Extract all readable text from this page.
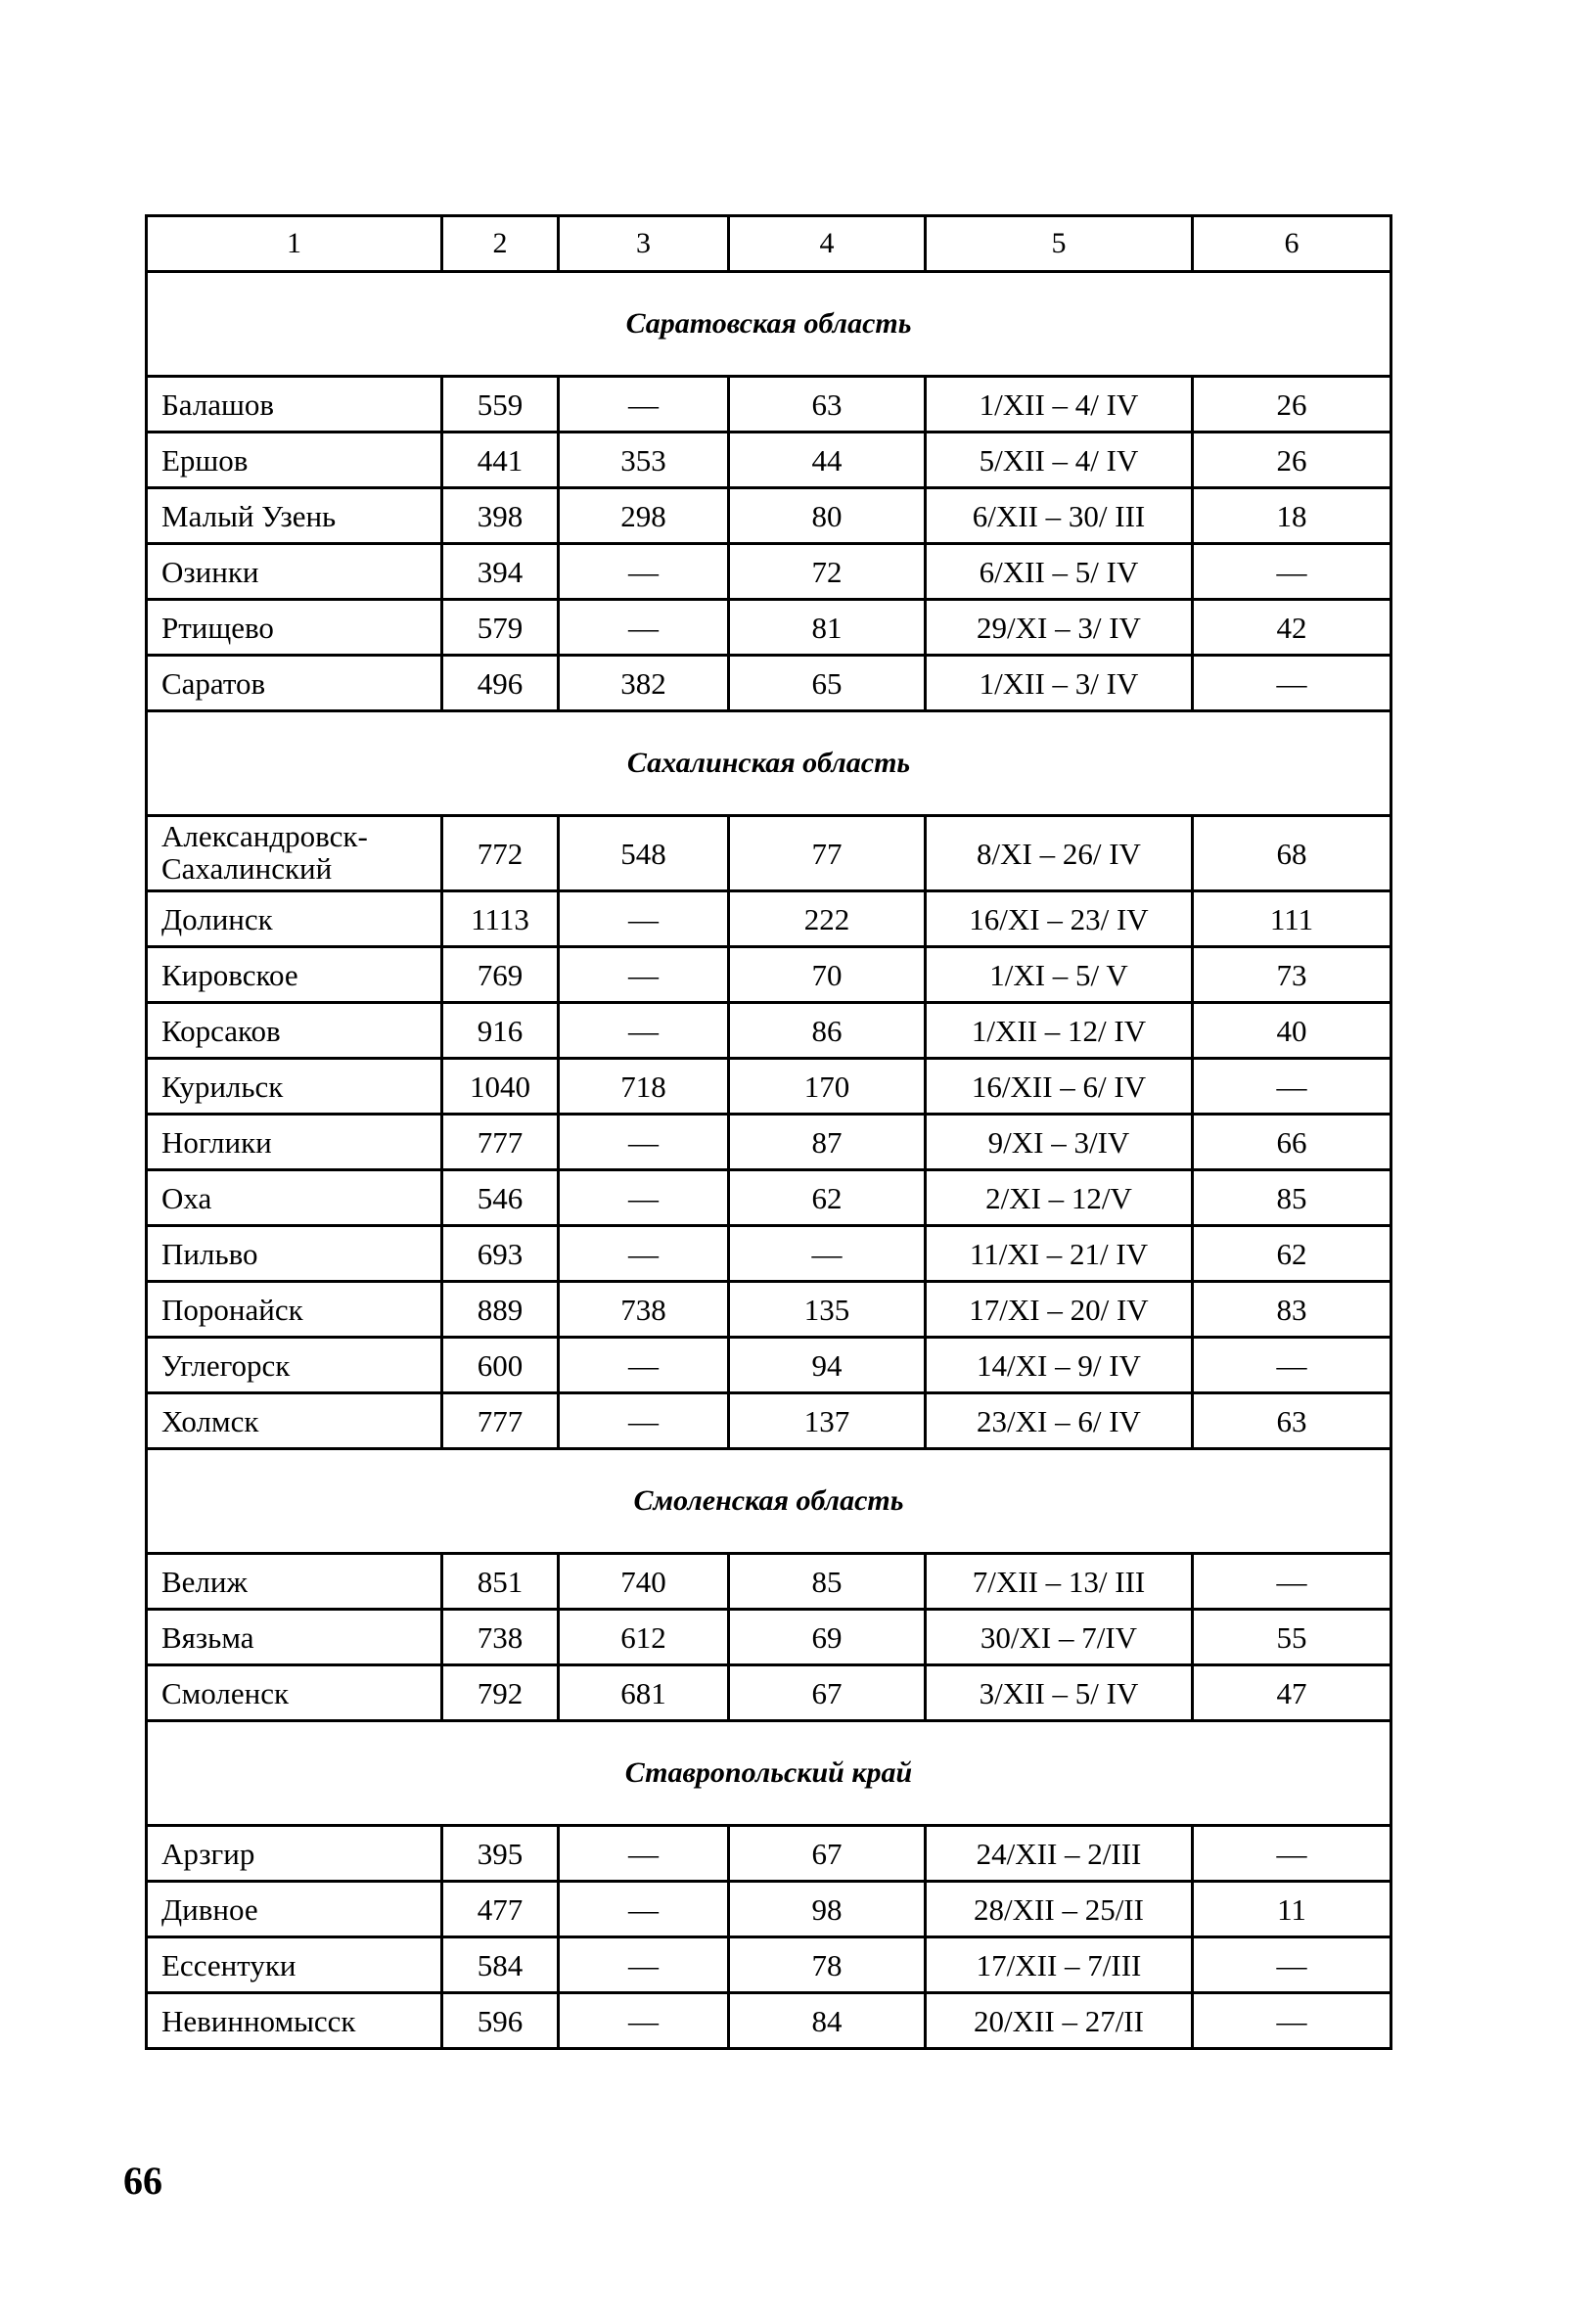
1	2	3	4	5	6
Саратовская область					
Балашов	559	—	63	1/XII – 4/ IV	26
Ершов	441	353	44	5/XII – 4/ IV	26
Малый Узень	398	298	80	6/XII – 30/ III	18
Озинки	394	—	72	6/XII – 5/ IV	—
Ртищево	579	—	81	29/XI – 3/ IV	42
Саратов	496	382	65	1/XII – 3/ IV	—
Сахалинская область					
Александровск-Сахалинский	772	548	77	8/XI – 26/ IV	68
Долинск	1113	—	222	16/XI – 23/ IV	111
Кировское	769	—	70	1/XI – 5/ V	73
Корсаков	916	—	86	1/XII – 12/ IV	40
Курильск	1040	718	170	16/XII – 6/ IV	—
Ноглики	777	—	87	9/XI – 3/IV	66
Оха	546	—	62	2/XI – 12/V	85
Пильво	693	—	—	11/XI – 21/ IV	62
Поронайск	889	738	135	17/XI – 20/ IV	83
Углегорск	600	—	94	14/XI – 9/ IV	—
Холмск	777	—	137	23/XI – 6/ IV	63
Смоленская область					
Велиж	851	740	85	7/XII – 13/ III	—
Вязьма	738	612	69	30/XI – 7/IV	55
Смоленск	792	681	67	3/XII – 5/ IV	47
Ставропольский край					
Арзгир	395	—	67	24/XII – 2/III	—
Дивное	477	—	98	28/XII – 25/II	11
Ессентуки	584	—	78	17/XII – 7/III	—
Невинномысск	596	—	84	20/XII – 27/II	—
66
